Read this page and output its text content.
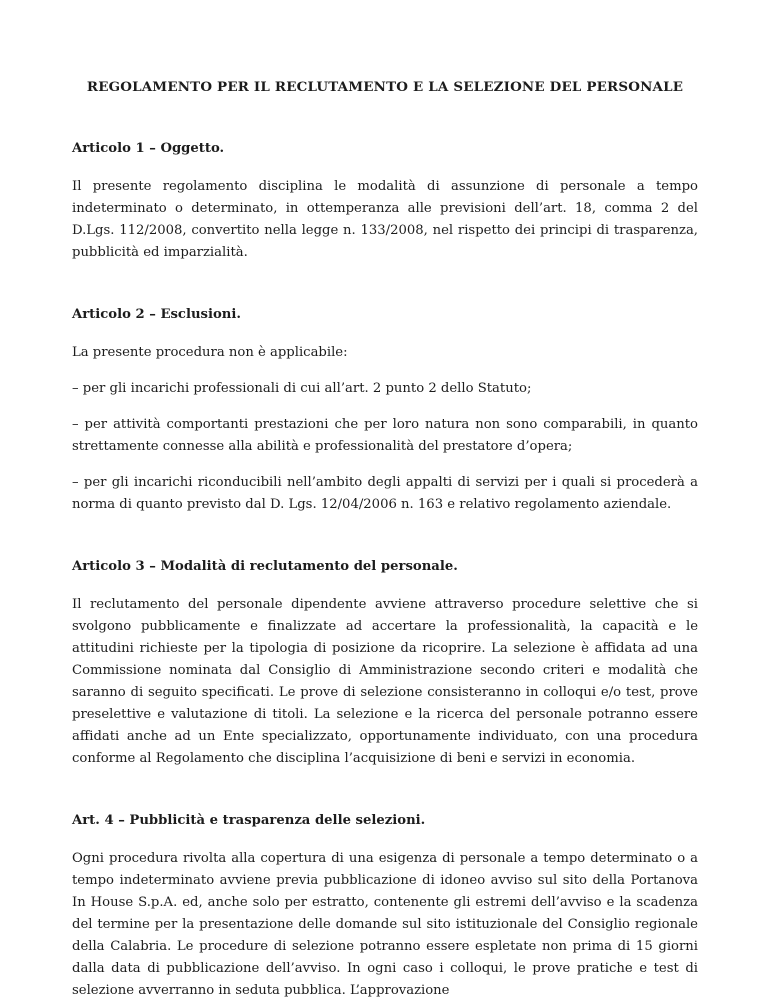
REGOLAMENTO PER IL RECLUTAMENTO E LA SELEZIONE DEL PERSONALE
Articolo 1 – Oggetto.

Il presente regolamento disciplina le modalità di assunzione di personale a tempo indeterminato o determinato, in ottemperanza alle previsioni dell’art. 18, comma 2 del D.Lgs. 112/2008, convertito nella legge n. 133/2008, nel rispetto dei principi di trasparenza, pubblicità ed imparzialità.

Articolo 2 – Esclusioni.

La presente procedura non è applicabile:

– per gli incarichi professionali di cui all’art. 2 punto 2 dello Statuto;

– per attività comportanti prestazioni che per loro natura non sono comparabili, in quanto strettamente connesse alla abilità e professionalità del prestatore d’opera;

– per gli incarichi riconducibili nell’ambito degli appalti di servizi per i quali si procederà a norma di quanto previsto dal D. Lgs. 12/04/2006 n. 163 e relativo regolamento aziendale.

Articolo 3 – Modalità di reclutamento del personale.

Il reclutamento del personale dipendente avviene attraverso procedure selettive che si svolgono pubblicamente e finalizzate ad accertare la professionalità, la capacità e le attitudini richieste per la tipologia di posizione da ricoprire. La selezione è affidata ad una Commissione nominata dal Consiglio di Amministrazione secondo criteri e modalità che saranno di seguito specificati. Le prove di selezione consisteranno in colloqui e/o test, prove preselettive e valutazione di titoli. La selezione e la ricerca del personale potranno essere affidati anche ad un Ente specializzato, opportunamente individuato, con una procedura conforme al Regolamento che disciplina l’acquisizione di beni e servizi in economia.

Art. 4 – Pubblicità e trasparenza delle selezioni.

Ogni procedura rivolta alla copertura di una esigenza di personale a tempo determinato o a tempo indeterminato avviene previa pubblicazione di idoneo avviso sul sito della Portanova In House S.p.A. ed, anche solo per estratto, contenente gli estremi dell’avviso e la scadenza del termine per la presentazione delle domande sul sito istituzionale del Consiglio regionale della Calabria. Le procedure di selezione potranno essere espletate non prima di 15 giorni dalla data di pubblicazione dell’avviso. In ogni caso i colloqui, le prove pratiche e test di selezione avverranno in seduta pubblica. L’approvazione
